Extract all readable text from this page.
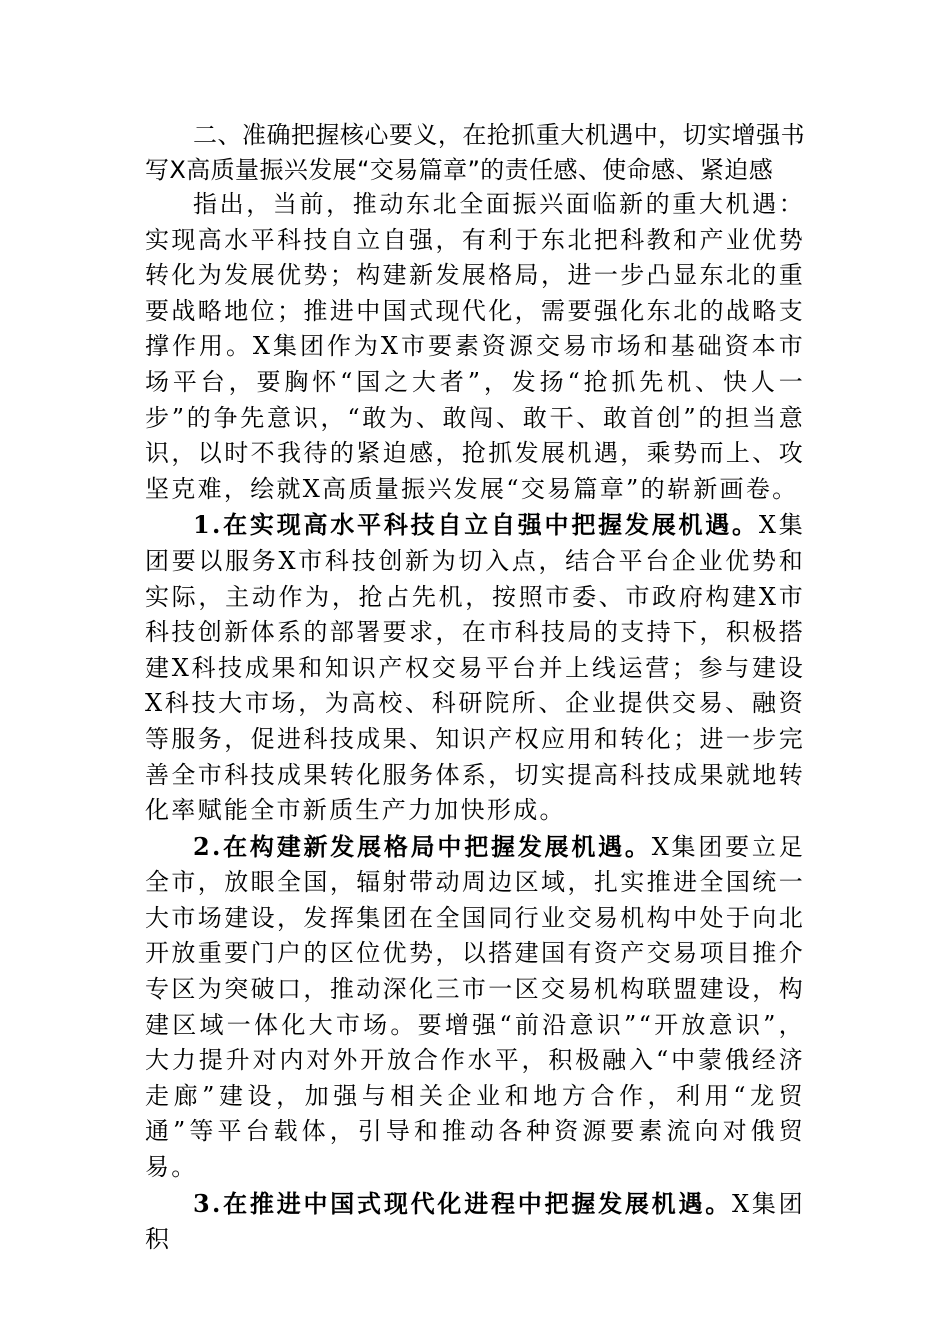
二、准确把握核心要义，在抢抓重大机遇中，切实增强书写X高质量振兴发展“交易篇章”的责任感、使命感、紧迫感

指出，当前，推动东北全面振兴面临新的重大机遇：实现高水平科技自立自强，有利于东北把科教和产业优势转化为发展优势；构建新发展格局，进一步凸显东北的重要战略地位；推进中国式现代化，需要强化东北的战略支撑作用。X集团作为X市要素资源交易市场和基础资本市场平台，要胸怀“国之大者”，发扬“抢抓先机、快人一步”的争先意识，“敢为、敢闯、敢干、敢首创”的担当意识，以时不我待的紧迫感，抢抓发展机遇，乘势而上、攻坚克难，绘就X高质量振兴发展“交易篇章”的崭新画卷。

1.在实现高水平科技自立自强中把握发展机遇。X集团要以服务X市科技创新为切入点，结合平台企业优势和实际，主动作为，抢占先机，按照市委、市政府构建X市科技创新体系的部署要求，在市科技局的支持下，积极搭建X科技成果和知识产权交易平台并上线运营；参与建设X科技大市场，为高校、科研院所、企业提供交易、融资等服务，促进科技成果、知识产权应用和转化；进一步完善全市科技成果转化服务体系，切实提高科技成果就地转化率赋能全市新质生产力加快形成。

2.在构建新发展格局中把握发展机遇。X集团要立足全市，放眼全国，辐射带动周边区域，扎实推进全国统一大市场建设，发挥集团在全国同行业交易机构中处于向北开放重要门户的区位优势，以搭建国有资产交易项目推介专区为突破口，推动深化三市一区交易机构联盟建设，构建区域一体化大市场。要增强“前沿意识”“开放意识”，大力提升对内对外开放合作水平，积极融入“中蒙俄经济走廊”建设，加强与相关企业和地方合作，利用“龙贸通”等平台载体，引导和推动各种资源要素流向对俄贸易。

3.在推进中国式现代化进程中把握发展机遇。X集团积
